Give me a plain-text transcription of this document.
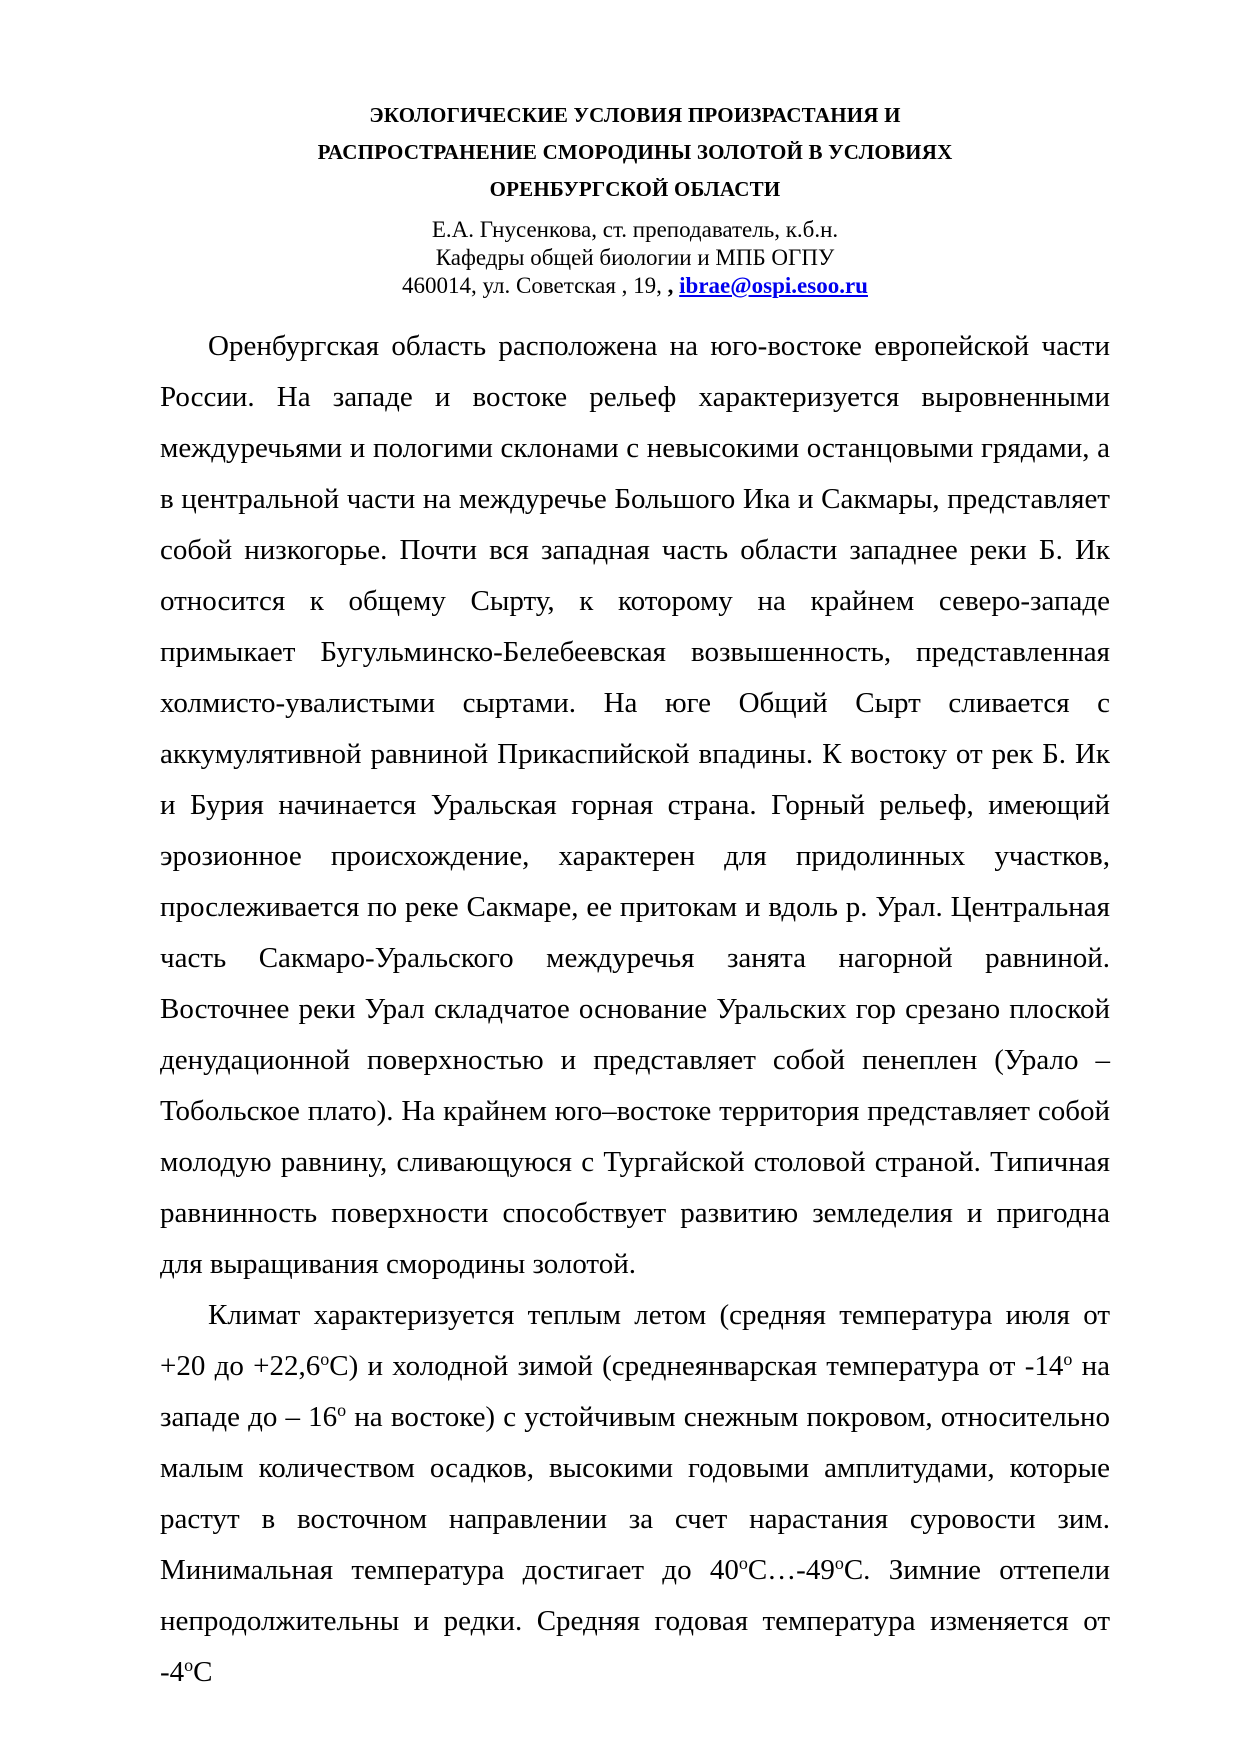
ЭКОЛОГИЧЕСКИЕ УСЛОВИЯ ПРОИЗРАСТАНИЯ И
РАСПРОСТРАНЕНИЕ СМОРОДИНЫ ЗОЛОТОЙ В УСЛОВИЯХ
ОРЕНБУРГСКОЙ ОБЛАСТИ
Е.А. Гнусенкова, ст. преподаватель, к.б.н.
Кафедры общей биологии и МПБ ОГПУ
460014, ул. Советская , 19, , ibrae@ospi.esoo.ru

Оренбургская область расположена на юго-востоке европейской части России. На западе и востоке рельеф характеризуется выровненными междуречьями и пологими склонами с невысокими останцовыми грядами, а в центральной части на междуречье Большого Ика и Сакмары, представляет собой низкогорье. Почти вся западная часть области западнее реки Б. Ик относится к общему Сырту, к которому на крайнем северо-западе примыкает Бугульминско-Белебеевская возвышенность, представленная холмисто-увалистыми сыртами. На юге Общий Сырт сливается с аккумулятивной равниной Прикаспийской впадины. К востоку от рек Б. Ик и Бурия начинается Уральская горная страна. Горный рельеф, имеющий эрозионное происхождение, характерен для придолинных участков, прослеживается по реке Сакмаре, ее притокам и вдоль р. Урал. Центральная часть Сакмаро-Уральского междуречья занята нагорной равниной. Восточнее реки Урал складчатое основание Уральских гор срезано плоской денудационной поверхностью и представляет собой пенеплен (Урало – Тобольское плато). На крайнем юго–востоке территория представляет собой молодую равнину, сливающуюся с Тургайской столовой страной. Типичная равнинность поверхности способствует развитию земледелия и пригодна для выращивания смородины золотой.

Климат характеризуется теплым летом (средняя температура июля от +20 до $+22,6^оС$) и холодной зимой (среднеянварская температура от $-14^о$ на западе до – $16^о$ на востоке) с устойчивым снежным покровом, относительно малым количеством осадков, высокими годовыми амплитудами, которые растут в восточном направлении за счет нарастания суровости зим. Минимальная температура достигает до $40^оС\dots-49^оС$. Зимние оттепели непродолжительны и редки. Средняя годовая температура изменяется от $-4^оС$
